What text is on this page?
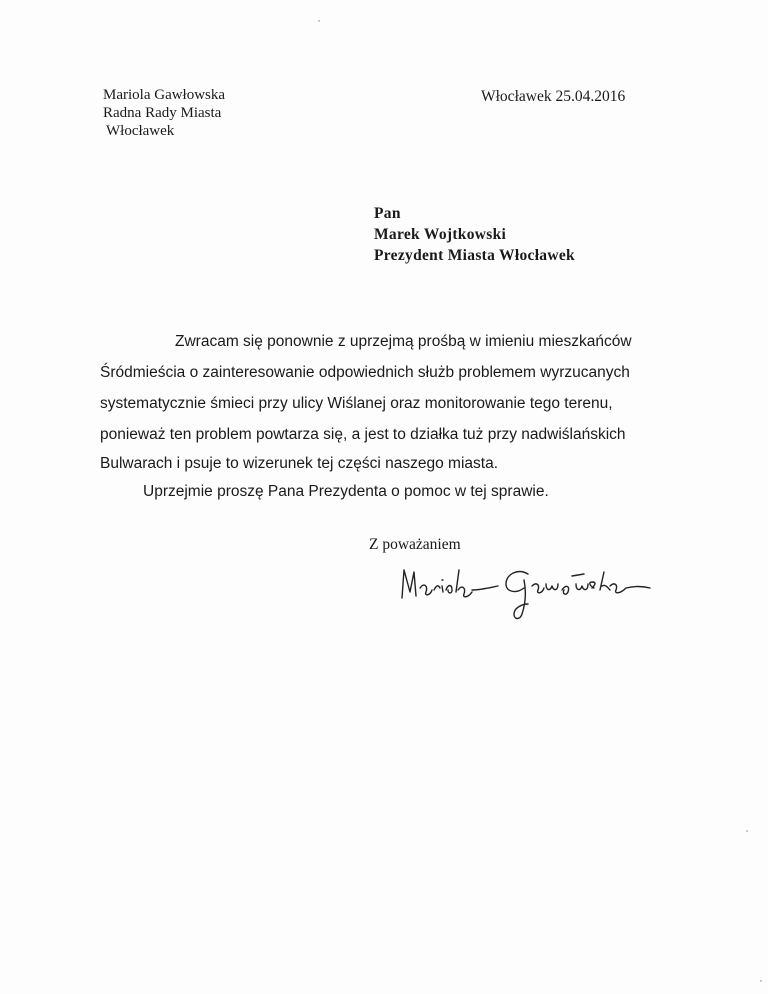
Mariola Gawłowska
Radna Rady Miasta
Włocławek
Włocławek 25.04.2016
Pan
Marek Wojtkowski
Prezydent Miasta Włocławek
Zwracam się ponownie z uprzejmą prośbą w imieniu mieszkańców
Śródmieścia o zainteresowanie odpowiednich służb problemem wyrzucanych
systematycznie śmieci przy ulicy Wiślanej oraz monitorowanie tego terenu,
ponieważ ten problem powtarza się, a jest to działka tuż przy nadwiślańskich
Bulwarach i psuje to wizerunek tej części naszego miasta.
Uprzejmie proszę Pana Prezydenta o pomoc w tej sprawie.
Z poważaniem
